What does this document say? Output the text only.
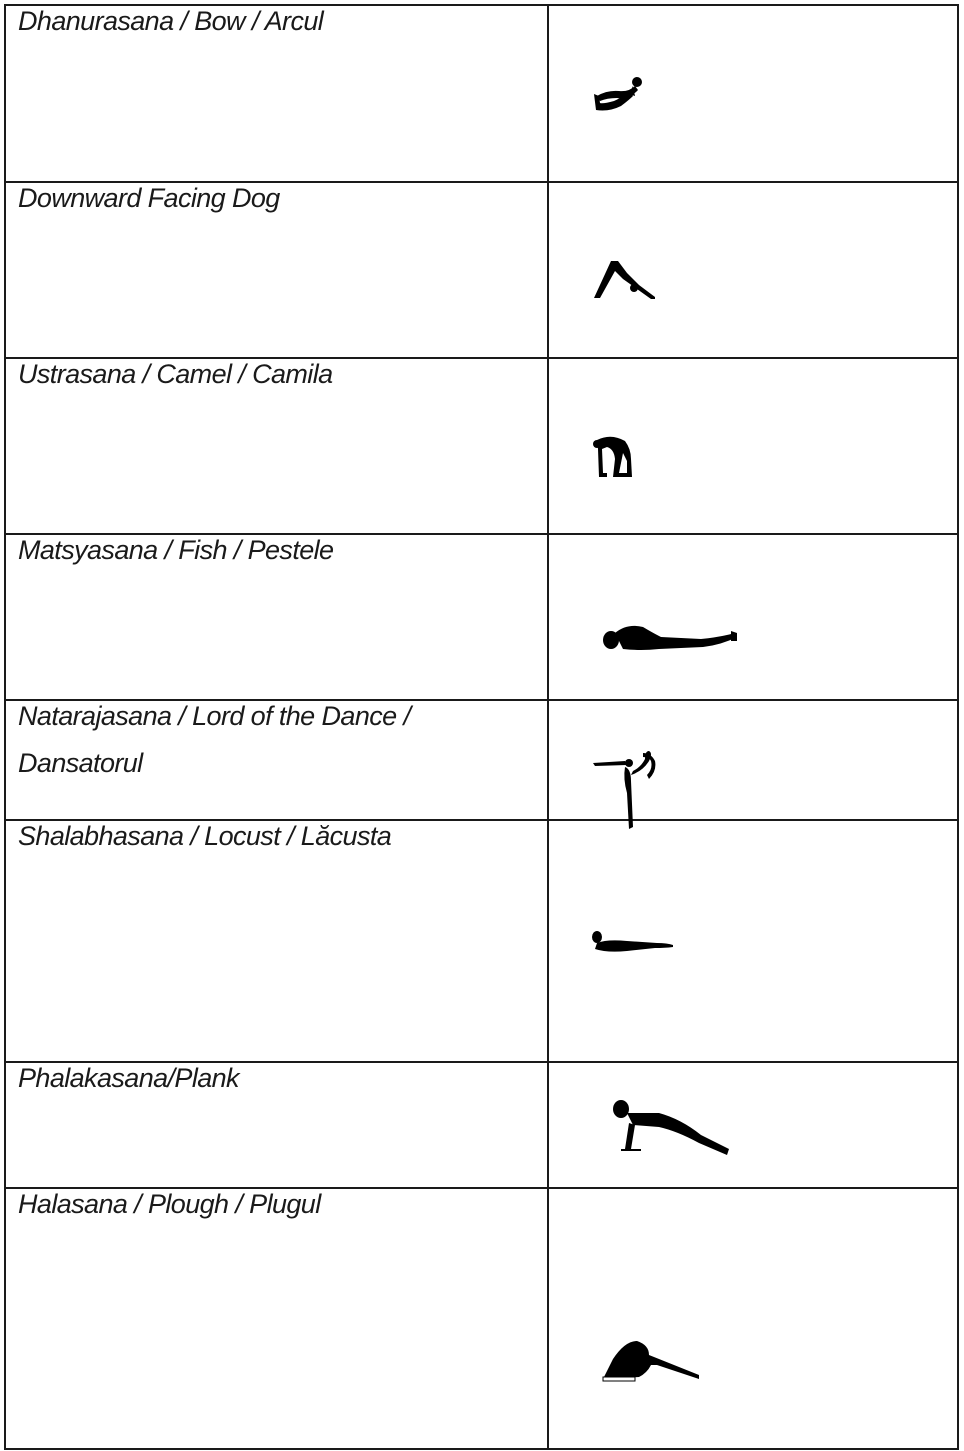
Dhanurasana / Bow / Arcul

Downward Facing Dog

Ustrasana / Camel / Camila

Matsyasana / Fish / Pestele

Natarajasana / Lord of the Dance /
Dansatorul

Shalabhasana / Locust / Lăcusta

Phalakasana/Plank

Halasana / Plough / Plugul
